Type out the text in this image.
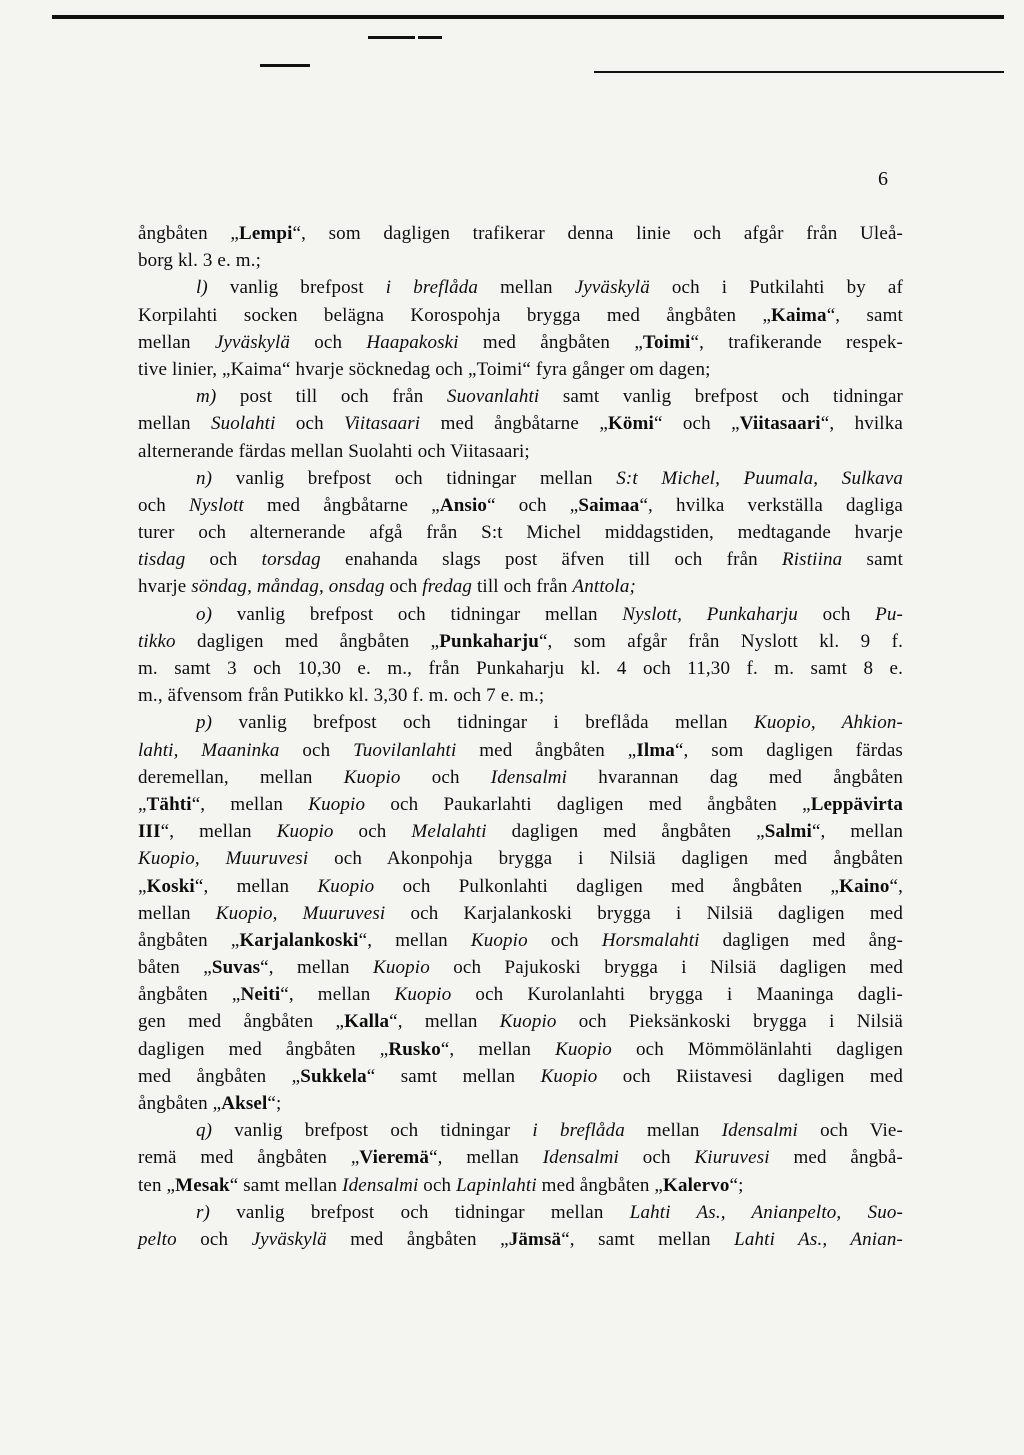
6
ångbåten „Lempi“, som dagligen trafikerar denna linie och afgår från Uleå-
borg kl. 3 e. m.;
l) vanlig brefpost i breflåda mellan Jyväskylä och i Putkilahti by af
Korpilahti socken belägna Korospohja brygga med ångbåten „Kaima“, samt
mellan Jyväskylä och Haapakoski med ångbåten „Toimi“, trafikerande respek-
tive linier, „Kaima“ hvarje söcknedag och „Toimi“ fyra gånger om dagen;
m) post till och från Suovanlahti samt vanlig brefpost och tidningar
mellan Suolahti och Viitasaari med ångbåtarne „Kömi“ och „Viitasaari“, hvilka
alternerande färdas mellan Suolahti och Viitasaari;
n) vanlig brefpost och tidningar mellan S:t Michel, Puumala, Sulkava
och Nyslott med ångbåtarne „Ansio“ och „Saimaa“, hvilka verkställa dagliga
turer och alternerande afgå från S:t Michel middagstiden, medtagande hvarje
tisdag och torsdag enahanda slags post äfven till och från Ristiina samt
hvarje söndag, måndag, onsdag och fredag till och från Anttola;
o) vanlig brefpost och tidningar mellan Nyslott, Punkaharju och Pu-
tikko dagligen med ångbåten „Punkaharju“, som afgår från Nyslott kl. 9 f.
m. samt 3 och 10,30 e. m., från Punkaharju kl. 4 och 11,30 f. m. samt 8 e.
m., äfvensom från Putikko kl. 3,30 f. m. och 7 e. m.;
p) vanlig brefpost och tidningar i breflåda mellan Kuopio, Ahkion-
lahti, Maaninka och Tuovilanlahti med ångbåten „Ilma“, som dagligen färdas
deremellan, mellan Kuopio och Idensalmi hvarannan dag med ångbåten
„Tähti“, mellan Kuopio och Paukarlahti dagligen med ångbåten „Leppävirta
III“, mellan Kuopio och Melalahti dagligen med ångbåten „Salmi“, mellan
Kuopio, Muuruvesi och Akonpohja brygga i Nilsiä dagligen med ångbåten
„Koski“, mellan Kuopio och Pulkonlahti dagligen med ångbåten „Kaino“,
mellan Kuopio, Muuruvesi och Karjalankoski brygga i Nilsiä dagligen med
ångbåten „Karjalankoski“, mellan Kuopio och Horsmalahti dagligen med ång-
båten „Suvas“, mellan Kuopio och Pajukoski brygga i Nilsiä dagligen med
ångbåten „Neiti“, mellan Kuopio och Kurolanlahti brygga i Maaninga dagli-
gen med ångbåten „Kalla“, mellan Kuopio och Pieksänkoski brygga i Nilsiä
dagligen med ångbåten „Rusko“, mellan Kuopio och Mömmölänlahti dagligen
med ångbåten „Sukkela“ samt mellan Kuopio och Riistavesi dagligen med
ångbåten „Aksel“;
q) vanlig brefpost och tidningar i breflåda mellan Idensalmi och Vie-
remä med ångbåten „Vieremä“, mellan Idensalmi och Kiuruvesi med ångbå-
ten „Mesak“ samt mellan Idensalmi och Lapinlahti med ångbåten „Kalervo“;
r) vanlig brefpost och tidningar mellan Lahti As., Anianpelto, Suo-
pelto och Jyväskylä med ångbåten „Jämsä“, samt mellan Lahti As., Anian-
